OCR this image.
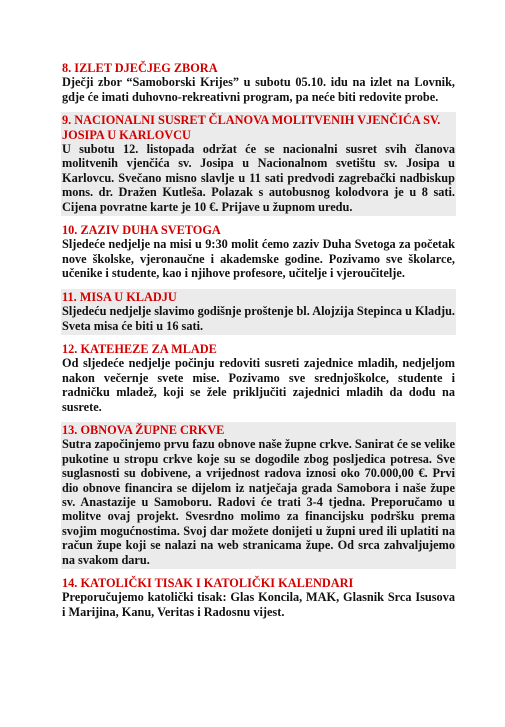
8. IZLET DJEČJEG ZBORA
Dječji zbor “Samoborski Krijes” u subotu 05.10. idu na izlet na Lovnik, gdje će imati duhovno-rekreativni program, pa neće biti redovite probe.
9. NACIONALNI SUSRET ČLANOVA MOLITVENIH VJENČIĆA SV. JOSIPA U KARLOVCU
U subotu 12. listopada održat će se nacionalni susret svih članova molitvenih vjenčića sv. Josipa u Nacionalnom svetištu sv. Josipa u Karlovcu. Svečano misno slavlje u 11 sati predvodi zagrebački nadbiskup mons. dr. Dražen Kutleša. Polazak s autobusnog kolodvora je u 8 sati. Cijena povratne karte je 10 €. Prijave u župnom uredu.
10. ZAZIV DUHA SVETOGA
Sljedeće nedjelje na misi u 9:30 molit ćemo zaziv Duha Svetoga za početak nove školske, vjeronaučne i akademske godine. Pozivamo sve školarce, učenike i studente, kao i njihove profesore, učitelje i vjeroučitelje.
11. MISA U KLADJU
Sljedeću nedjelje slavimo godišnje proštenje bl. Alojzija Stepinca u Kladju. Sveta misa će biti u 16 sati.
12. KATEHEZE ZA MLADE
Od sljedeće nedjelje počinju redoviti susreti zajednice mladih, nedjeljom nakon večernje svete mise. Pozivamo sve srednjoškolce, studente i radničku mladež, koji se žele priključiti zajednici mladih da dođu na susrete.
13. OBNOVA ŽUPNE CRKVE
Sutra započinjemo prvu fazu obnove naše župne crkve. Sanirat će se velike pukotine u stropu crkve koje su se dogodile zbog posljedica potresa. Sve suglasnosti su dobivene, a vrijednost radova iznosi oko 70.000,00 €. Prvi dio obnove financira se dijelom iz natječaja grada Samobora i naše župe sv. Anastazije u Samoboru. Radovi će trati 3-4 tjedna. Preporučamo u molitve ovaj projekt. Svesrdno molimo za financijsku podršku prema svojim mogućnostima. Svoj dar možete donijeti u župni ured ili uplatiti na račun župe koji se nalazi na web stranicama župe. Od srca zahvaljujemo na svakom daru.
14. KATOLIČKI TISAK I KATOLIČKI KALENDARI
Preporučujemo katolički tisak: Glas Koncila, MAK, Glasnik Srca Isusova i Marijina, Kanu, Veritas i Radosnu vijest.
